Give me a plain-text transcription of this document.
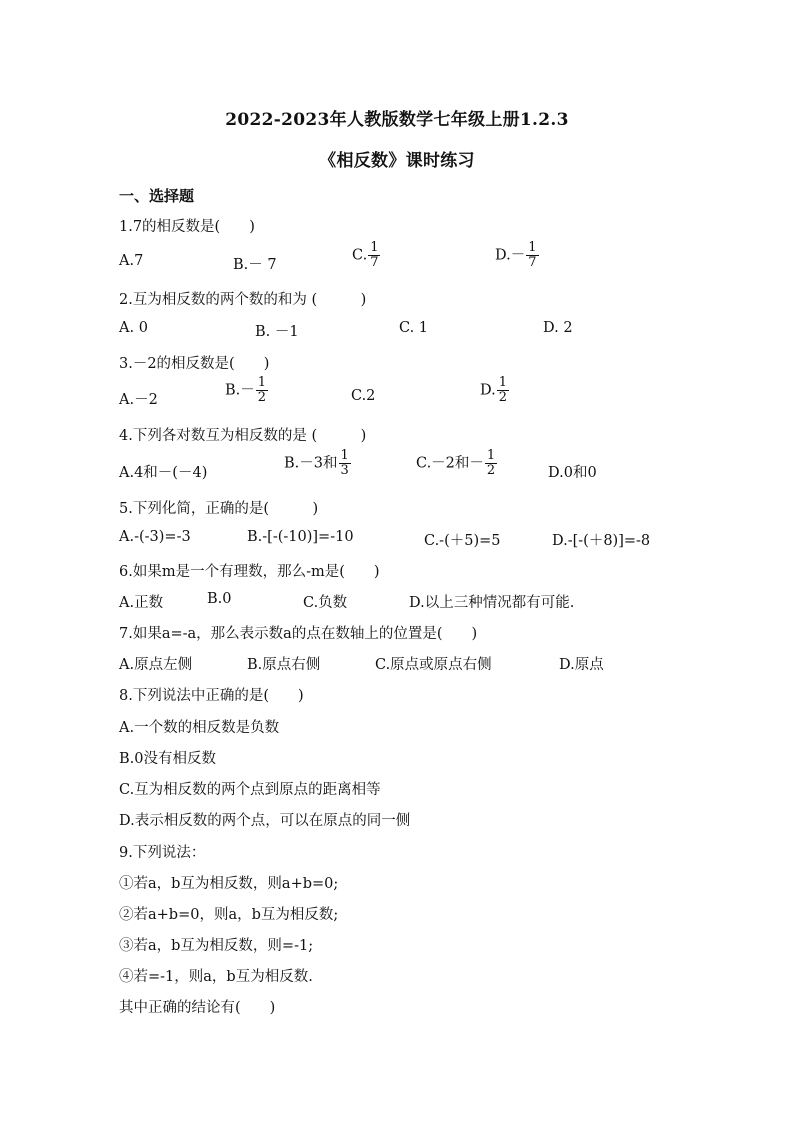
2022-2023年人教版数学七年级上册1.2.3
《相反数》课时练习
一、选择题
1.7的相反数是(　　)
A.7	B.－ 7
C. $\frac{1}{7}$	$D.- \frac{1}{7}$
2.互为相反数的两个数的和为 (　　　)
A. 0	B. －1	C. 1	D. 2
3.－2的相反数是(　　)
A.－2
$B.- \frac{1}{2}$	C.2	D. $\frac{1}{2}$
4.下列各对数互为相反数的是 (　　　)
A.4和－(－4)
B.－3和 $\frac{1}{3}$	C.－2和－ $\frac{1}{2}$	D.0和0
5.下列化简，正确的是(　　　)
A.-(-3)=-3	B.-[-(-10)]=-10	C.-(＋5)=5	D.-[-(＋8)]=-8
6.如果m是一个有理数，那么-m是(　　)
A.正数	B.0	C.负数	D.以上三种情况都有可能.
7.如果a=-a，那么表示数a的点在数轴上的位置是(　　)
A.原点左侧	B.原点右侧	C.原点或原点右侧	D.原点
8.下列说法中正确的是(　　)
A.一个数的相反数是负数
B.0没有相反数
C.互为相反数的两个点到原点的距离相等
D.表示相反数的两个点，可以在原点的同一侧
9.下列说法：
①若a，b互为相反数，则a+b=0;
②若a+b=0，则a，b互为相反数;
③若a，b互为相反数，则=-1;
④若=-1，则a，b互为相反数.
其中正确的结论有(　　)
